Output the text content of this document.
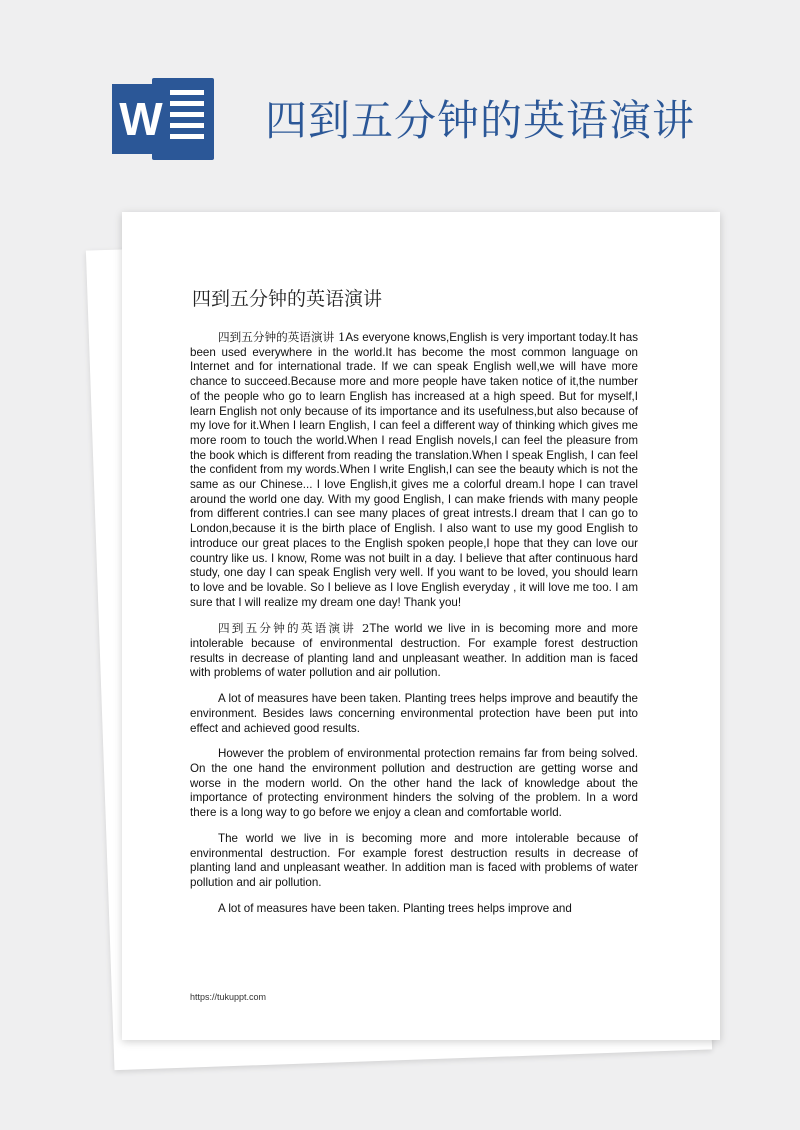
W 四到五分钟的英语演讲
四到五分钟的英语演讲

四到五分钟的英语演讲 1As everyone knows,English is very important today.It has been used everywhere in the world.It has become the most common language on Internet and for international trade. If we can speak English well,we will have more chance to succeed.Because more and more people have taken notice of it,the number of the people who go to learn English has increased at a high speed. But for myself,I learn English not only because of its importance and its usefulness,but also because of my love for it.When I learn English, I can feel a different way of thinking which gives me more room to touch the world.When I read English novels,I can feel the pleasure from the book which is different from reading the translation.When I speak English, I can feel the confident from my words.When I write English,I can see the beauty which is not the same as our Chinese... I love English,it gives me a colorful dream.I hope I can travel around the world one day. With my good English, I can make friends with many people from different contries.I can see many places of great intrests.I dream that I can go to London,because it is the birth place of English. I also want to use my good English to introduce our great places to the English spoken people,I hope that they can love our country like us. I know, Rome was not built in a day. I believe that after continuous hard study, one day I can speak English very well. If you want to be loved, you should learn to love and be lovable. So I believe as I love English everyday , it will love me too. I am sure that I will realize my dream one day! Thank you!

四到五分钟的英语演讲 2The world we live in is becoming more and more intolerable because of environmental destruction. For example forest destruction results in decrease of planting land and unpleasant weather. In addition man is faced with problems of water pollution and air pollution.

A lot of measures have been taken. Planting trees helps improve and beautify the environment. Besides laws concerning environmental protection have been put into effect and achieved good results.

However the problem of environmental protection remains far from being solved. On the one hand the environment pollution and destruction are getting worse and worse in the modern world. On the other hand the lack of knowledge about the importance of protecting environment hinders the solving of the problem. In a word there is a long way to go before we enjoy a clean and comfortable world.

The world we live in is becoming more and more intolerable because of environmental destruction. For example forest destruction results in decrease of planting land and unpleasant weather. In addition man is faced with problems of water pollution and air pollution.

A lot of measures have been taken. Planting trees helps improve and

https://tukuppt.com
